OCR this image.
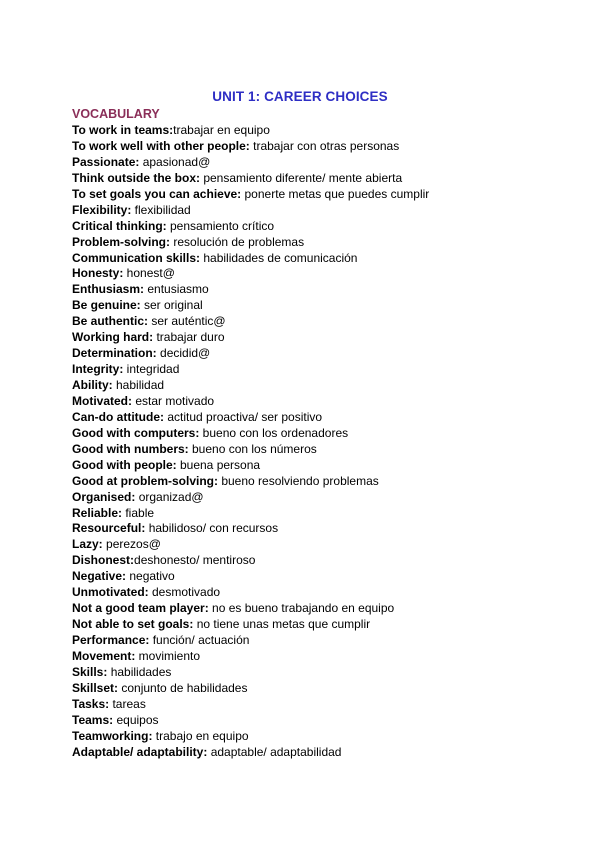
UNIT 1: CAREER CHOICES
VOCABULARY
To work in teams:trabajar en equipo
To work well with other people: trabajar con otras personas
Passionate: apasionad@
Think outside the box: pensamiento diferente/ mente abierta
To set goals you can achieve: ponerte metas que puedes cumplir
Flexibility: flexibilidad
Critical thinking: pensamiento crítico
Problem-solving: resolución de problemas
Communication skills: habilidades de comunicación
Honesty: honest@
Enthusiasm: entusiasmo
Be genuine: ser original
Be authentic: ser auténtic@
Working hard: trabajar duro
Determination: decidid@
Integrity: integridad
Ability: habilidad
Motivated: estar motivado
Can-do attitude: actitud proactiva/ ser positivo
Good with computers: bueno con los ordenadores
Good with numbers: bueno con los números
Good with people: buena persona
Good at problem-solving: bueno resolviendo problemas
Organised: organizad@
Reliable: fiable
Resourceful: habilidoso/ con recursos
Lazy: perezos@
Dishonest:deshonesto/ mentiroso
Negative: negativo
Unmotivated: desmotivado
Not a good team player: no es bueno trabajando en equipo
Not able to set goals: no tiene unas metas que cumplir
Performance: función/ actuación
Movement: movimiento
Skills: habilidades
Skillset: conjunto de habilidades
Tasks: tareas
Teams: equipos
Teamworking: trabajo en equipo
Adaptable/ adaptability: adaptable/ adaptabilidad
